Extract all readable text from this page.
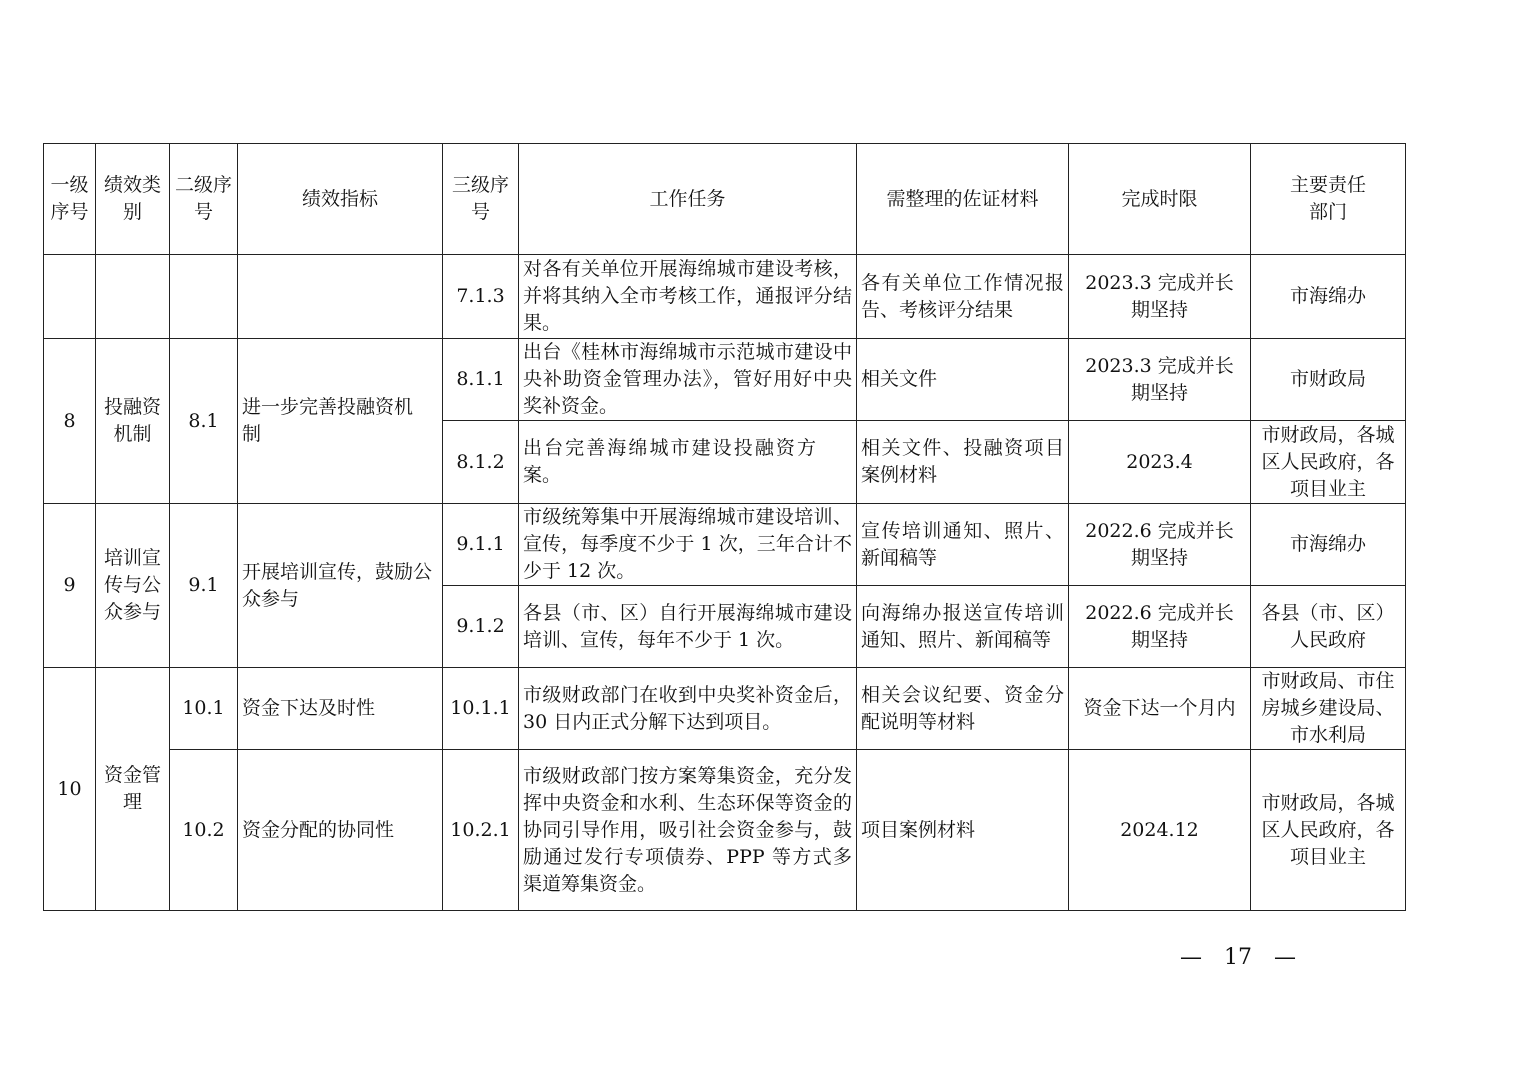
一级序号	绩效类别	二级序号	绩效指标	三级序号	工作任务	需整理的佐证材料	完成时限	主要责任部门
				7.1.3	对各有关单位开展海绵城市建设考核，并将其纳入全市考核工作，通报评分结果。	各有关单位工作情况报告、考核评分结果	2023.3 完成并长期坚持	市海绵办
8	投融资机制	8.1	进一步完善投融资机制	8.1.1	出台《桂林市海绵城市示范城市建设中央补助资金管理办法》，管好用好中央奖补资金。	相关文件	2023.3 完成并长期坚持	市财政局
				8.1.2	出台完善海绵城市建设投融资方案。	相关文件、投融资项目案例材料	2023.4	市财政局，各城区人民政府，各项目业主
9	培训宣传与公众参与	9.1	开展培训宣传，鼓励公众参与	9.1.1	市级统筹集中开展海绵城市建设培训、宣传，每季度不少于 1 次，三年合计不少于 12 次。	宣传培训通知、照片、新闻稿等	2022.6 完成并长期坚持	市海绵办
				9.1.2	各县（市、区）自行开展海绵城市建设培训、宣传，每年不少于 1 次。	向海绵办报送宣传培训通知、照片、新闻稿等	2022.6 完成并长期坚持	各县（市、区）人民政府
10	资金管理	10.1	资金下达及时性	10.1.1	市级财政部门在收到中央奖补资金后，30 日内正式分解下达到项目。	相关会议纪要、资金分配说明等材料	资金下达一个月内	市财政局、市住房城乡建设局、市水利局
		10.2	资金分配的协同性	10.2.1	市级财政部门按方案筹集资金，充分发挥中央资金和水利、生态环保等资金的协同引导作用，吸引社会资金参与，鼓励通过发行专项债券、PPP 等方式多渠道筹集资金。	项目案例材料	2024.12	市财政局，各城区人民政府，各项目业主
—　17　—
